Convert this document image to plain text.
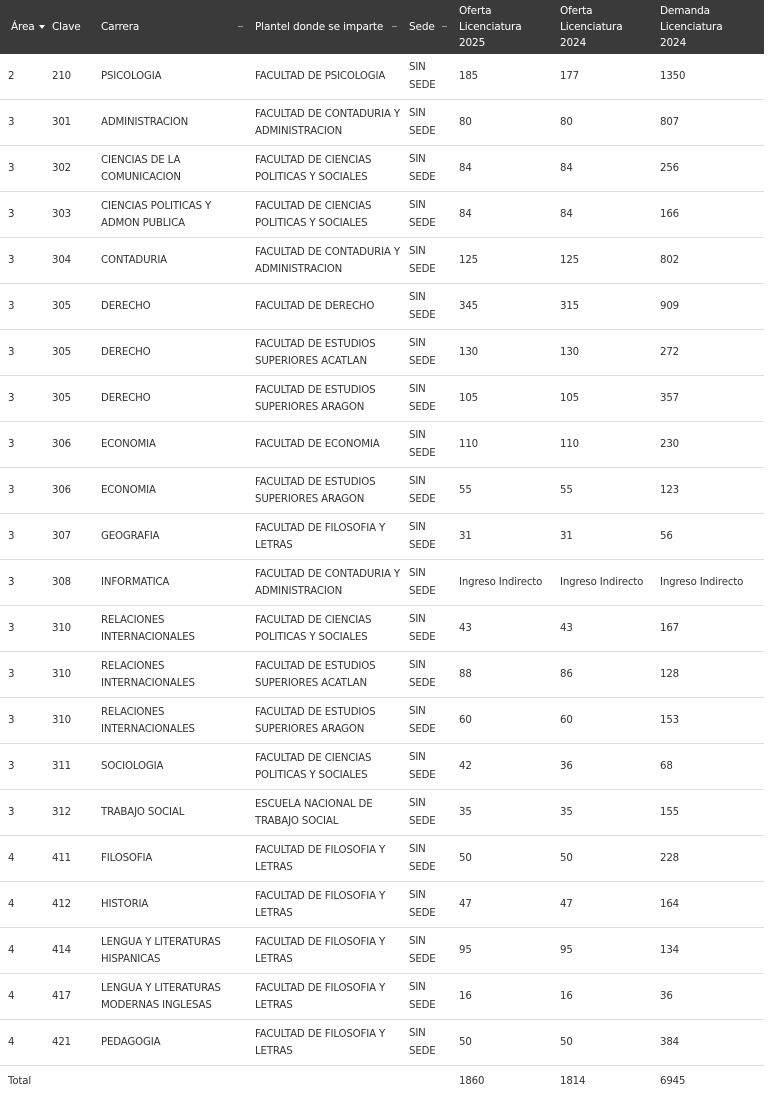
Área	Clave	Carrera	Plantel donde se imparte	Sede	Oferta
Licenciatura
2025	Oferta
Licenciatura
2024	Demanda
Licenciatura
2024
2	210	PSICOLOGIA	FACULTAD DE PSICOLOGIA	SIN SEDE	185	177	1350
3	301	ADMINISTRACION	FACULTAD DE CONTADURIA Y ADMINISTRACION	SIN SEDE	80	80	807
3	302	CIENCIAS DE LA COMUNICACION	FACULTAD DE CIENCIAS POLITICAS Y SOCIALES	SIN SEDE	84	84	256
3	303	CIENCIAS POLITICAS Y ADMON PUBLICA	FACULTAD DE CIENCIAS POLITICAS Y SOCIALES	SIN SEDE	84	84	166
3	304	CONTADURIA	FACULTAD DE CONTADURIA Y ADMINISTRACION	SIN SEDE	125	125	802
3	305	DERECHO	FACULTAD DE DERECHO	SIN SEDE	345	315	909
3	305	DERECHO	FACULTAD DE ESTUDIOS SUPERIORES ACATLAN	SIN SEDE	130	130	272
3	305	DERECHO	FACULTAD DE ESTUDIOS SUPERIORES ARAGON	SIN SEDE	105	105	357
3	306	ECONOMIA	FACULTAD DE ECONOMIA	SIN SEDE	110	110	230
3	306	ECONOMIA	FACULTAD DE ESTUDIOS SUPERIORES ARAGON	SIN SEDE	55	55	123
3	307	GEOGRAFIA	FACULTAD DE FILOSOFIA Y LETRAS	SIN SEDE	31	31	56
3	308	INFORMATICA	FACULTAD DE CONTADURIA Y ADMINISTRACION	SIN SEDE	Ingreso Indirecto	Ingreso Indirecto	Ingreso Indirecto
3	310	RELACIONES INTERNACIONALES	FACULTAD DE CIENCIAS POLITICAS Y SOCIALES	SIN SEDE	43	43	167
3	310	RELACIONES INTERNACIONALES	FACULTAD DE ESTUDIOS SUPERIORES ACATLAN	SIN SEDE	88	86	128
3	310	RELACIONES INTERNACIONALES	FACULTAD DE ESTUDIOS SUPERIORES ARAGON	SIN SEDE	60	60	153
3	311	SOCIOLOGIA	FACULTAD DE CIENCIAS POLITICAS Y SOCIALES	SIN SEDE	42	36	68
3	312	TRABAJO SOCIAL	ESCUELA NACIONAL DE TRABAJO SOCIAL	SIN SEDE	35	35	155
4	411	FILOSOFIA	FACULTAD DE FILOSOFIA Y LETRAS	SIN SEDE	50	50	228
4	412	HISTORIA	FACULTAD DE FILOSOFIA Y LETRAS	SIN SEDE	47	47	164
4	414	LENGUA Y LITERATURAS HISPANICAS	FACULTAD DE FILOSOFIA Y LETRAS	SIN SEDE	95	95	134
4	417	LENGUA Y LITERATURAS MODERNAS INGLESAS	FACULTAD DE FILOSOFIA Y LETRAS	SIN SEDE	16	16	36
4	421	PEDAGOGIA	FACULTAD DE FILOSOFIA Y LETRAS	SIN SEDE	50	50	384
Total					1860	1814	6945
